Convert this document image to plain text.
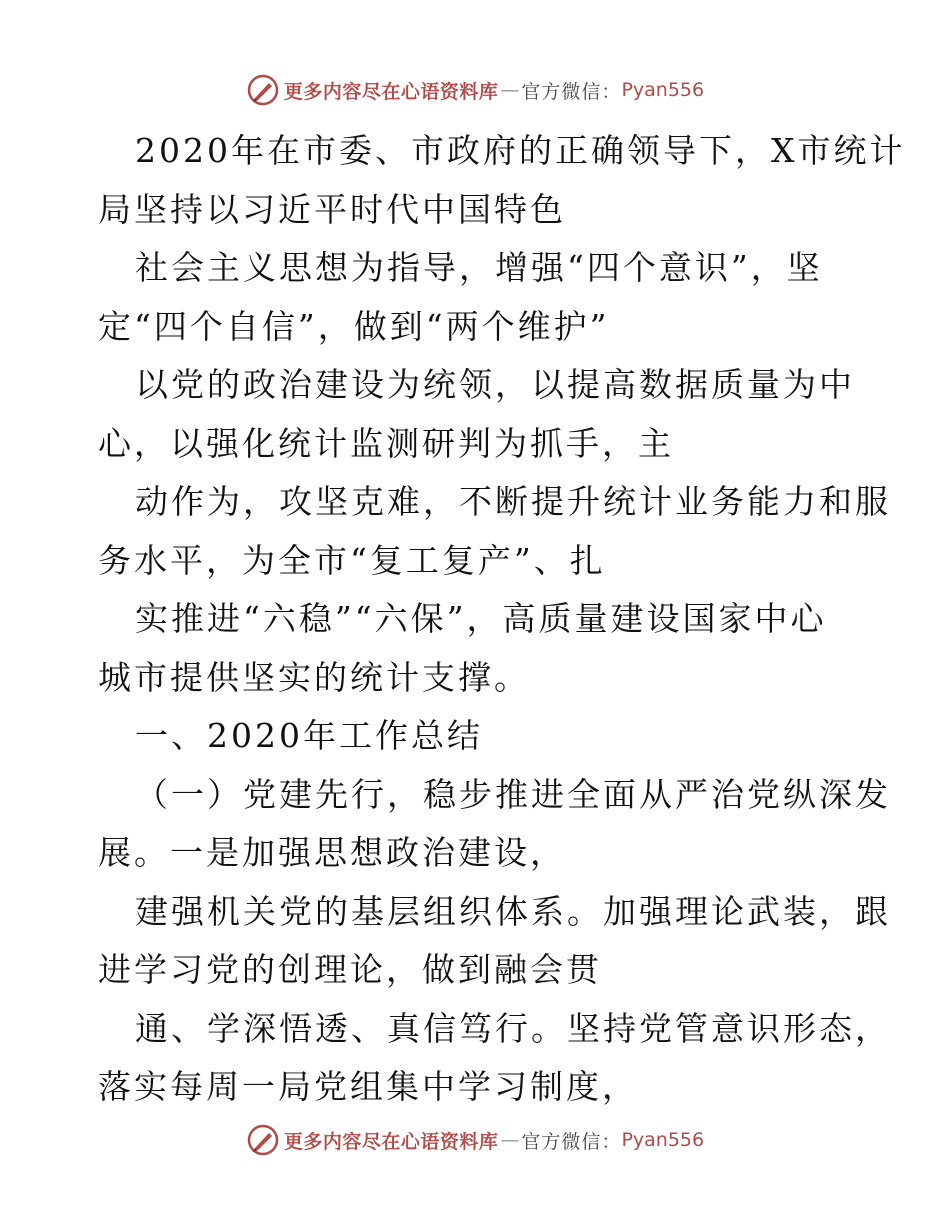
更多内容尽在心语资料库 — 官方微信： Pyan556
2020年在市委、市政府的正确领导下，X市统计
局坚持以习近平时代中国特色
社会主义思想为指导，增强“四个意识”，坚
定“四个自信”，做到“两个维护”
以党的政治建设为统领，以提高数据质量为中
心，以强化统计监测研判为抓手，主
动作为，攻坚克难，不断提升统计业务能力和服
务水平，为全市“复工复产”、扎
实推进“六稳”“六保”，高质量建设国家中心
城市提供坚实的统计支撑。
一、2020年工作总结
（一）党建先行，稳步推进全面从严治党纵深发
展。一是加强思想政治建设，
建强机关党的基层组织体系。加强理论武装，跟
进学习党的创理论，做到融会贯
通、学深悟透、真信笃行。坚持党管意识形态，
落实每周一局党组集中学习制度，
更多内容尽在心语资料库 — 官方微信： Pyan556
